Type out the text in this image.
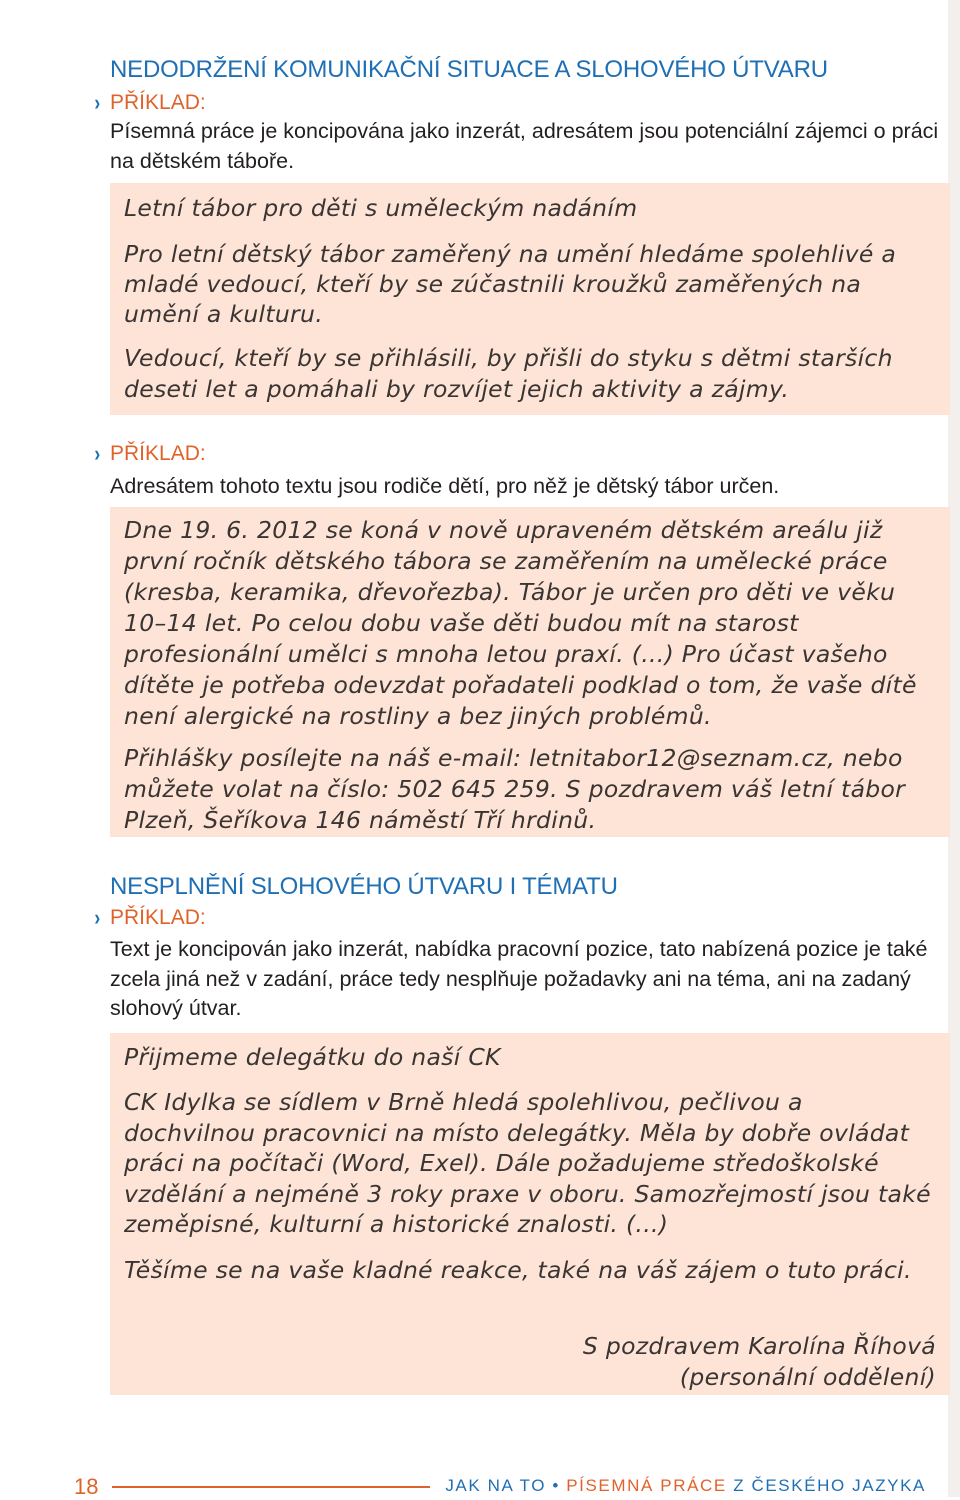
NEDODRŽENÍ KOMUNIKAČNÍ SITUACE A SLOHOVÉHO ÚTVARU
› PŘÍKLAD:

Písemná práce je koncipována jako inzerát, adresátem jsou potenciální zájemci o práci na dětském táboře.

Letní tábor pro děti s uměleckým nadáním

Pro letní dětský tábor zaměřený na umění hledáme spolehlivé a mladé vedoucí, kteří by se zúčastnili kroužků zaměřených na umění a kulturu.

Vedoucí, kteří by se přihlásili, by přišli do styku s dětmi starších deseti let a pomáhali by rozvíjet jejich aktivity a zájmy.

› PŘÍKLAD:

Adresátem tohoto textu jsou rodiče dětí, pro něž je dětský tábor určen.

Dne 19. 6. 2012 se koná v nově upraveném dětském areálu již první ročník dětského tábora se zaměřením na umělecké práce (kresba, keramika, dřevořezba). Tábor je určen pro děti ve věku 10–14 let. Po celou dobu vaše děti budou mít na starost profesionální umělci s mnoha letou praxí. (...) Pro účast vašeho dítěte je potřeba odevzdat pořadateli podklad o tom, že vaše dítě není alergické na rostliny a bez jiných problémů.

Přihlášky posílejte na náš e-mail: letnitabor12@seznam.cz, nebo můžete volat na číslo: 502 645 259. S pozdravem váš letní tábor Plzeň, Šeříkova 146 náměstí Tří hrdinů.

NESPLNĚNÍ SLOHOVÉHO ÚTVARU I TÉMATU
› PŘÍKLAD:

Text je koncipován jako inzerát, nabídka pracovní pozice, tato nabízená pozice je také zcela jiná než v zadání, práce tedy nesplňuje požadavky ani na téma, ani na zadaný slohový útvar.

Přijmeme delegátku do naší CK

CK Idylka se sídlem v Brně hledá spolehlivou, pečlivou a dochvilnou pracovnici na místo delegátky. Měla by dobře ovládat práci na počítači (Word, Exel). Dále požadujeme středoškolské vzdělání a nejméně 3 roky praxe v oboru. Samozřejmostí jsou také zeměpisné, kulturní a historické znalosti. (...)

Těšíme se na vaše kladné reakce, také na váš zájem o tuto práci.

S pozdravem Karolína Říhová

(personální oddělení)

18	JAK NA TO • PÍSEMNÁ PRÁCE Z ČESKÉHO JAZYKA
